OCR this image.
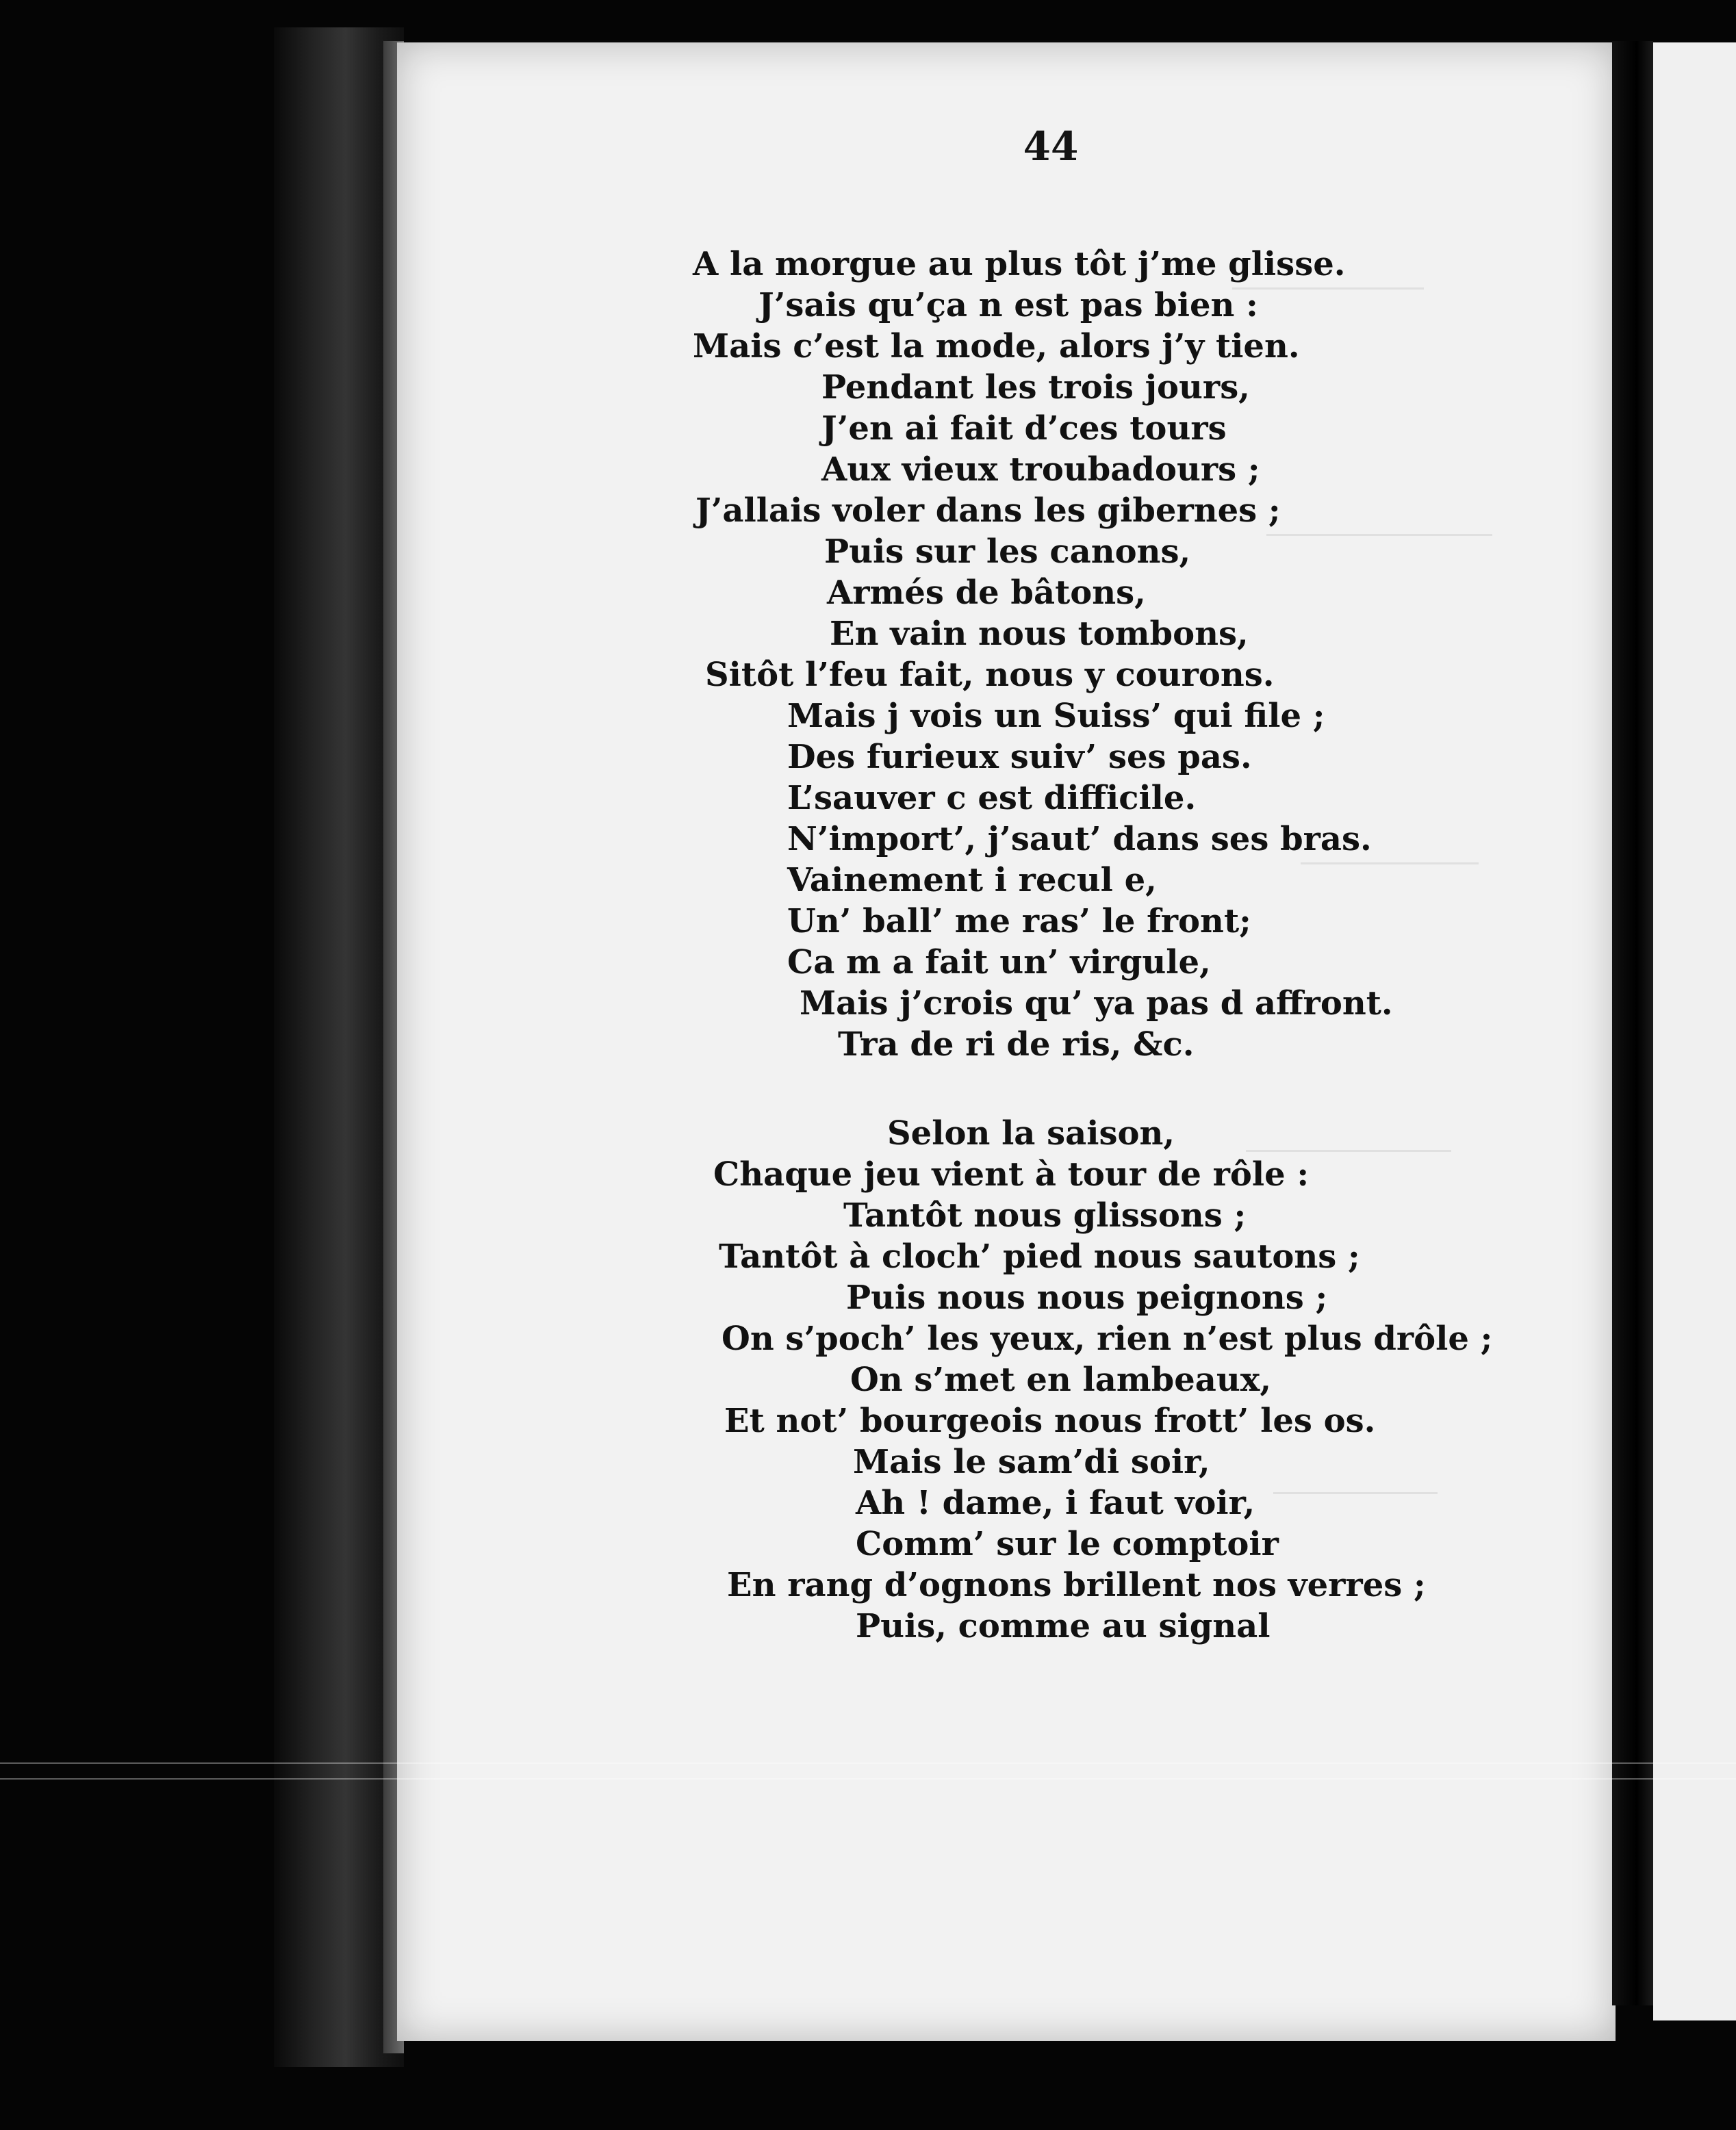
44
A la morgue au plus tôt j’me glisse.
J’sais qu’ça n est pas bien :
Mais c’est la mode, alors j’y tien.
Pendant les trois jours,
J’en ai fait d’ces tours
Aux vieux troubadours ;
J’allais voler dans les gibernes ;
Puis sur les canons,
Armés de bâtons,
En vain nous tombons,
Sitôt l’feu fait, nous y courons.
Mais j vois un Suiss’ qui file ;
Des furieux suiv’ ses pas.
L’sauver c est difficile.
N’import’, j’saut’ dans ses bras.
Vainement i recul e,
Un’ ball’ me ras’ le front;
Ca m a fait un’ virgule,
Mais j’crois qu’ ya pas d affront.
Tra de ri de ris, &c.
Selon la saison,
Chaque jeu vient à tour de rôle :
Tantôt nous glissons ;
Tantôt à cloch’ pied nous sautons ;
Puis nous nous peignons ;
On s’poch’ les yeux, rien n’est plus drôle ;
On s’met en lambeaux,
Et not’ bourgeois nous frott’ les os.
Mais le sam’di soir,
Ah ! dame, i faut voir,
Comm’ sur le comptoir
En rang d’ognons brillent nos verres ;
Puis, comme au signal
